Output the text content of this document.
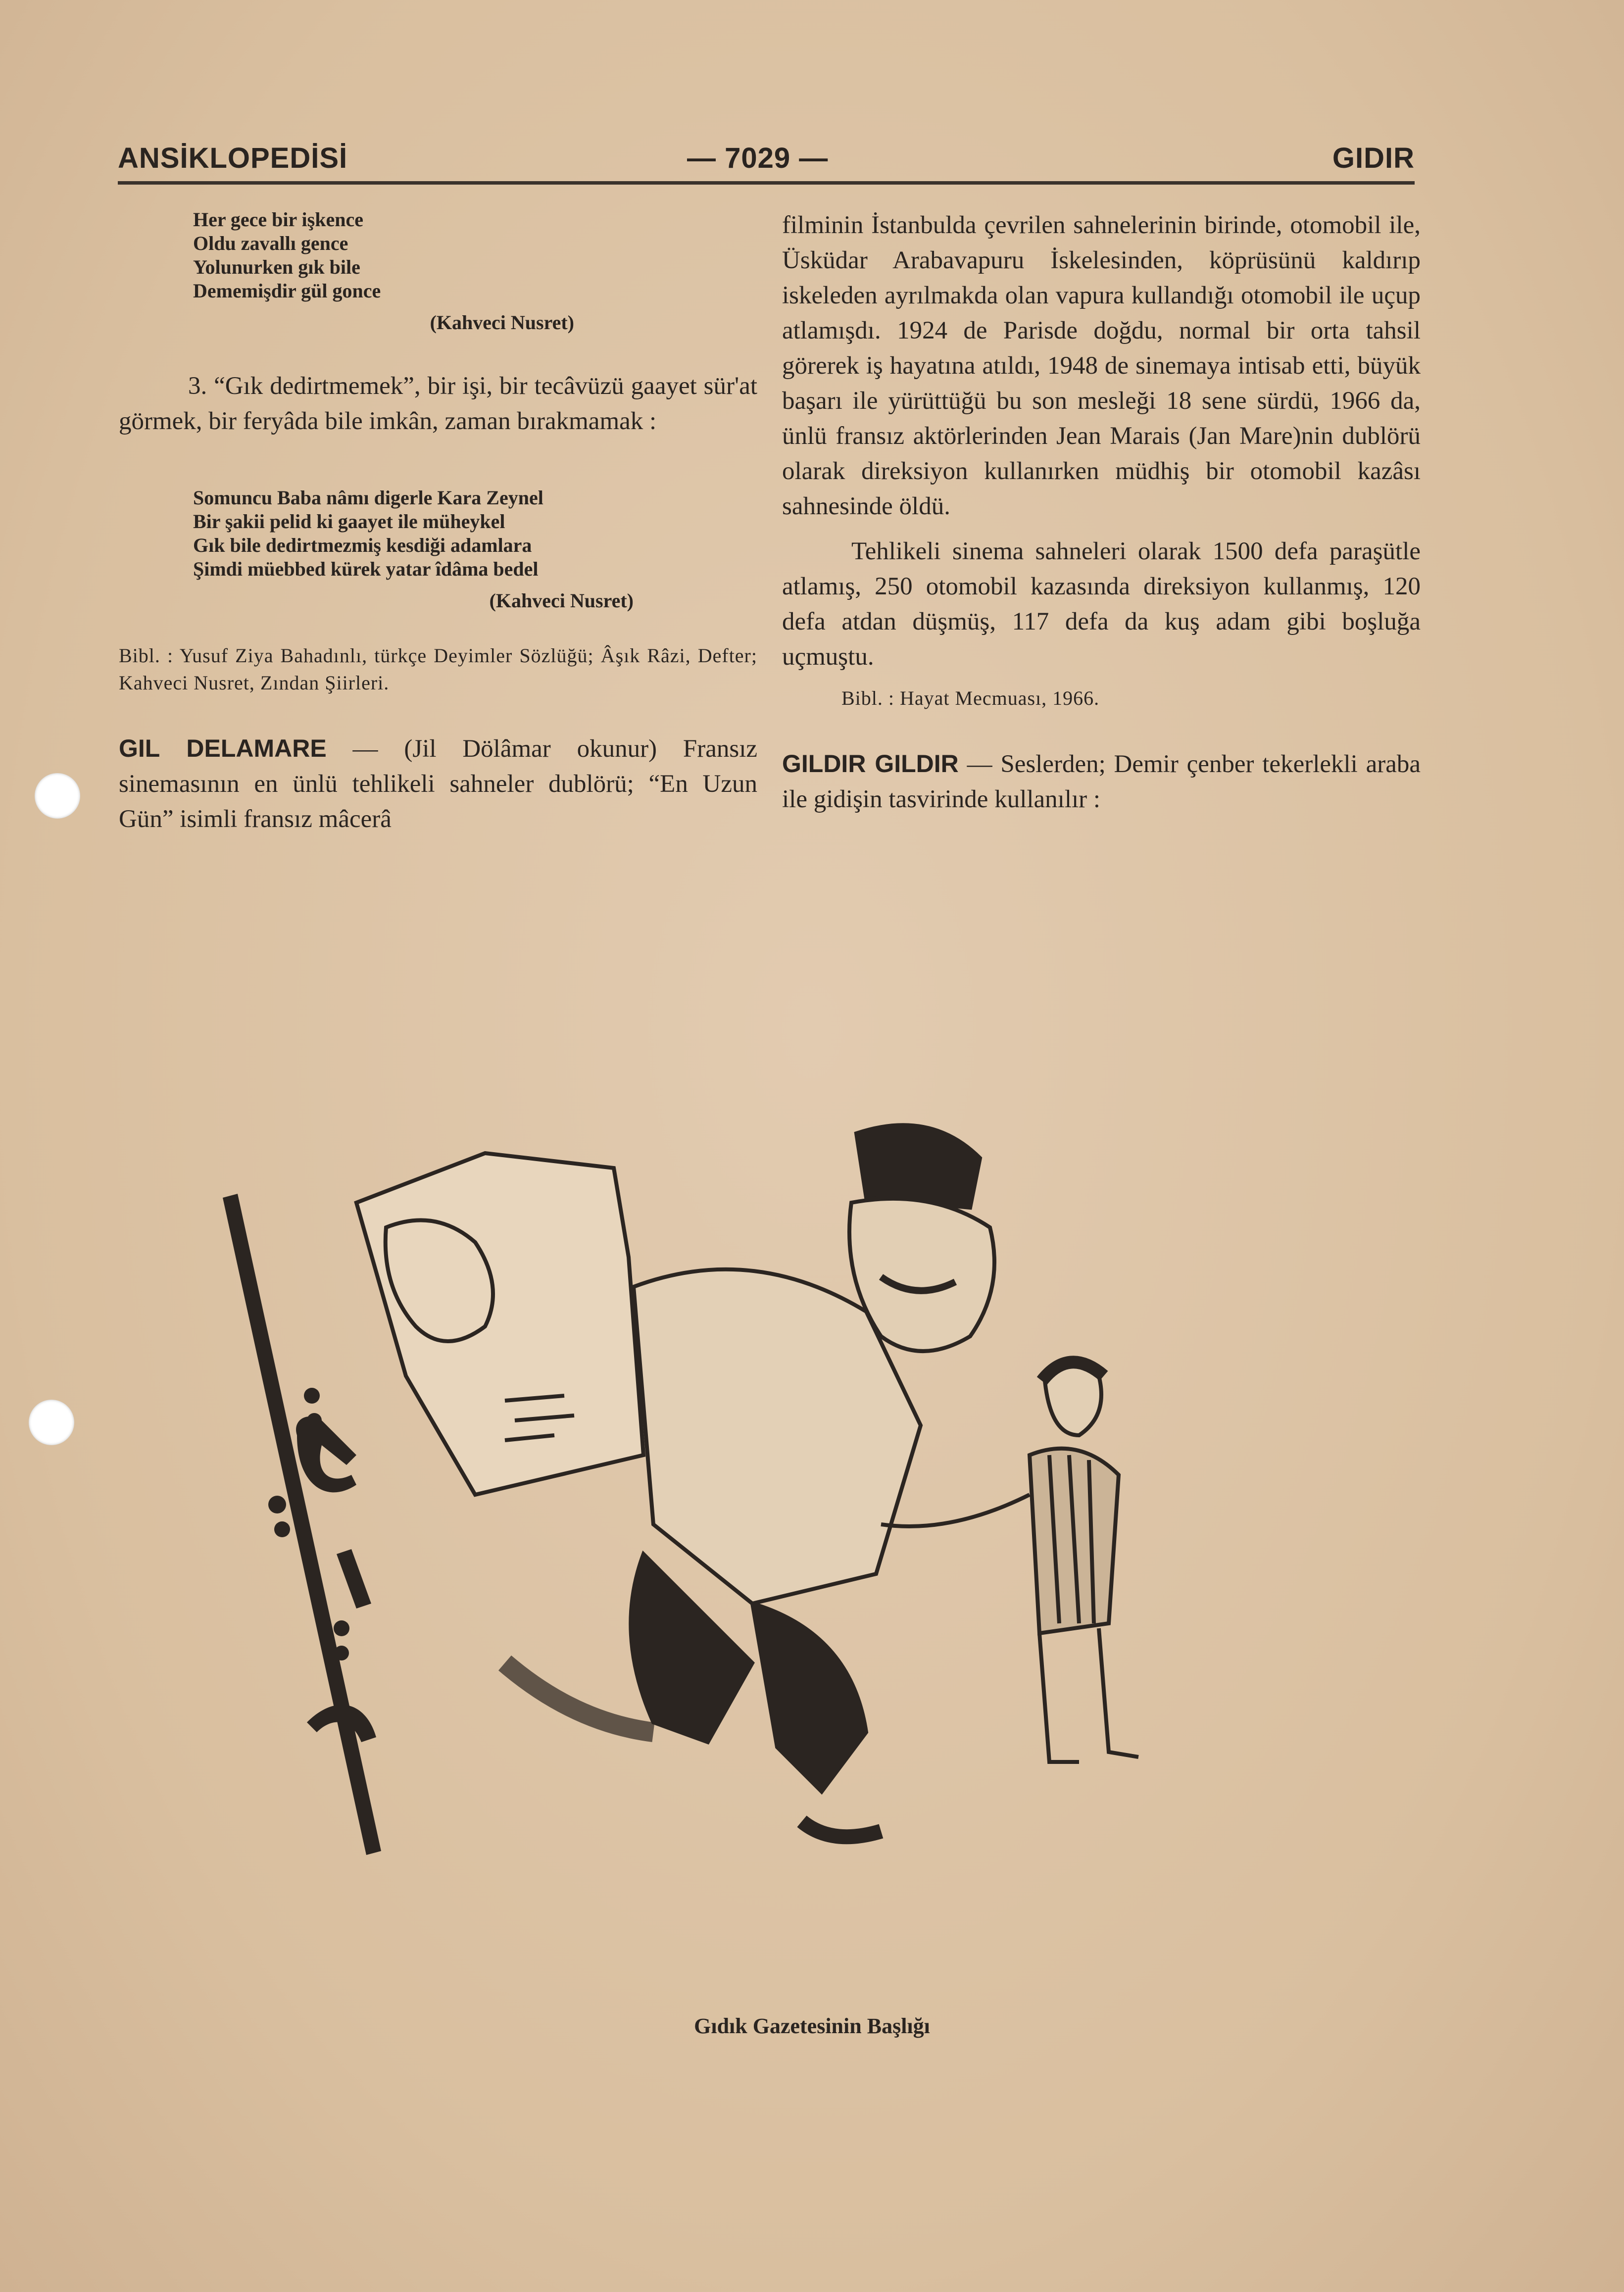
ANSİKLOPEDİSİ	— 7029 —	GIDIR
Her gece bir işkence
Oldu zavallı gence
Yolunurken gık bile
Dememişdir gül gonce
(Kahveci Nusret)

3. “Gık dedirtmemek”, bir işi, bir tecâvüzü gaayet sür'at görmek, bir feryâda bile imkân, zaman bırakmamak :

Somuncu Baba nâmı digerle Kara Zeynel
Bir şakii pelid ki gaayet ile müheykel
Gık bile dedirtmezmiş kesdiği adamlara
Şimdi müebbed kürek yatar îdâma bedel
(Kahveci Nusret)

Bibl. : Yusuf Ziya Bahadınlı, türkçe Deyimler Sözlüğü; Âşık Râzi, Defter; Kahveci Nusret, Zından Şiirleri.

GIL DELAMARE — (Jil Dölâmar okunur) Fransız sinemasının en ünlü tehlikeli sahneler dublörü; “En Uzun Gün” isimli fransız mâcerâ

filminin İstanbulda çevrilen sahnelerinin birinde, otomobil ile, Üsküdar Arabavapuru İskelesinden, köprüsünü kaldırıp iskeleden ayrılmakda olan vapura kullandığı otomobil ile uçup atlamışdı. 1924 de Parisde doğdu, normal bir orta tahsil görerek iş hayatına atıldı, 1948 de sinemaya intisab etti, büyük başarı ile yürüttüğü bu son mesleği 18 sene sürdü, 1966 da, ünlü fransız aktörlerinden Jean Marais (Jan Mare)nin dublörü olarak direksiyon kullanırken müdhiş bir otomobil kazâsı sahnesinde öldü.

Tehlikeli sinema sahneleri olarak 1500 defa paraşütle atlamış, 250 otomobil kazasında direksiyon kullanmış, 120 defa atdan düşmüş, 117 defa da kuş adam gibi boşluğa uçmuştu.

Bibl. : Hayat Mecmuası, 1966.

GILDIR GILDIR — Seslerden; Demir çenber tekerlekli araba ile gidişin tasvirinde kullanılır :

Gıdık Gazetesinin Başlığı
